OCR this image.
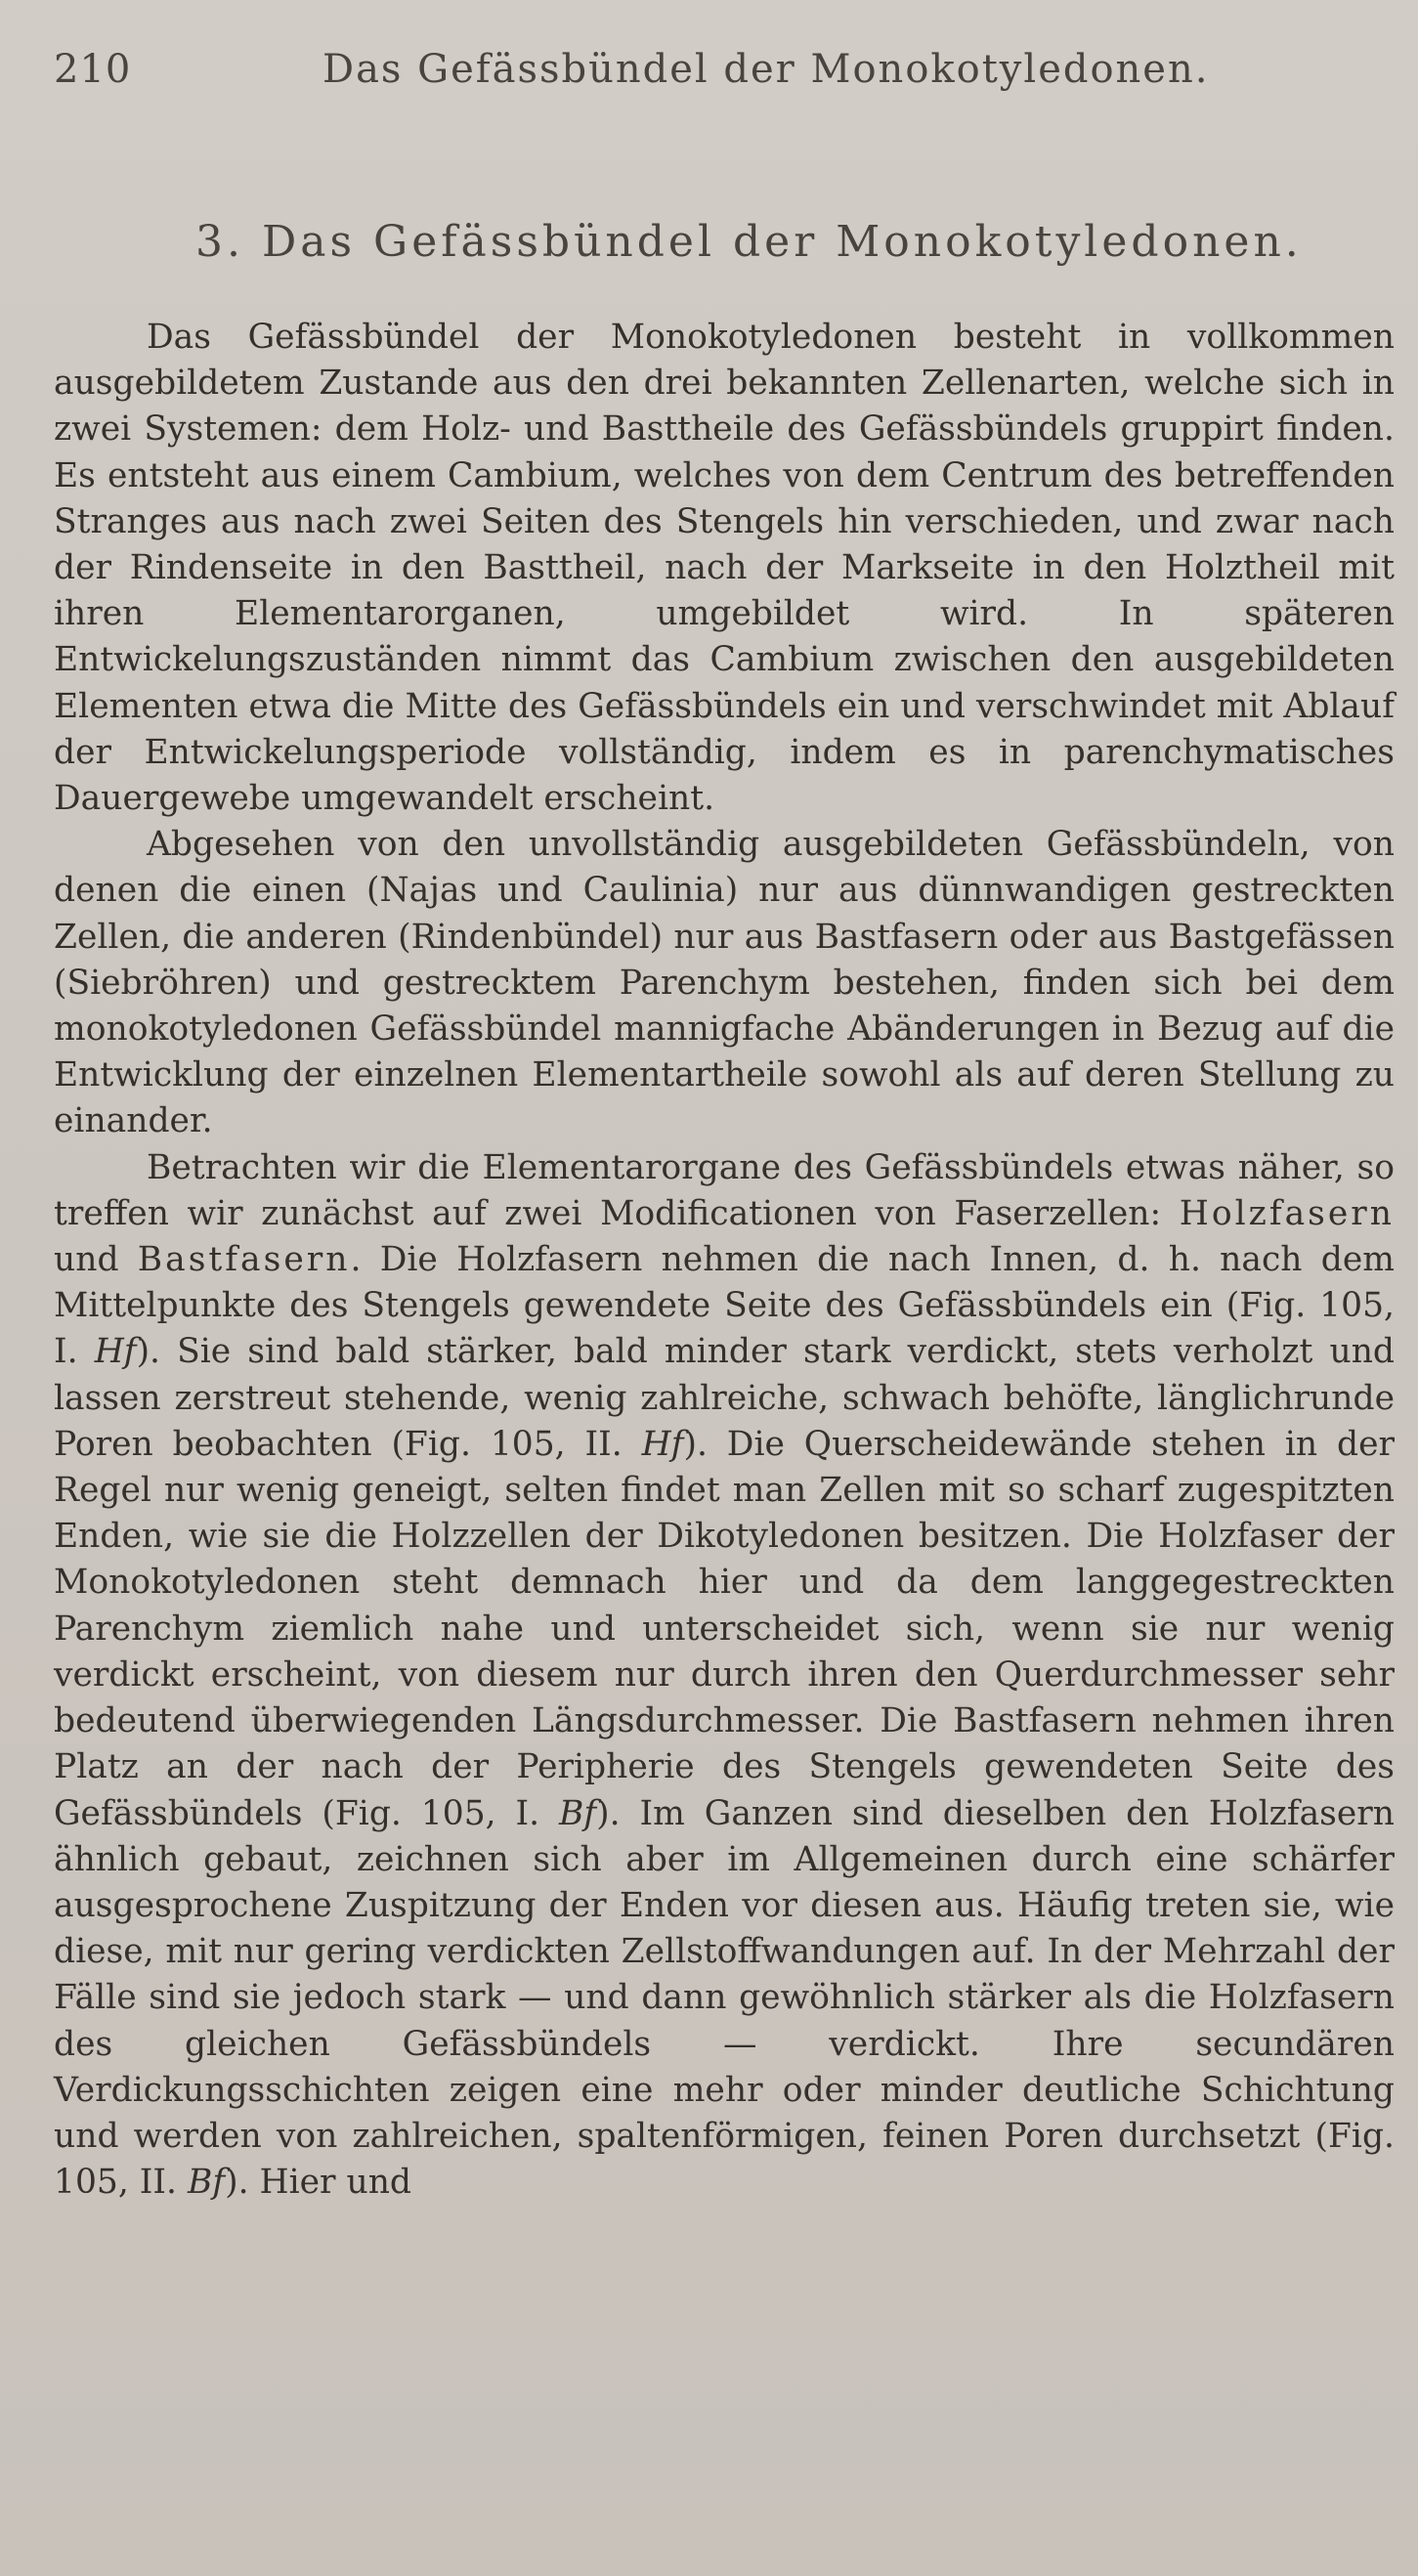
210	Das Gefässbündel der Monokotyledonen.
3. Das Gefässbündel der Monokotyledonen.

Das Gefässbündel der Monokotyledonen besteht in vollkommen ausgebildetem Zustande aus den drei bekannten Zellenarten, welche sich in zwei Systemen: dem Holz- und Basttheile des Gefässbündels gruppirt finden. Es entsteht aus einem Cambium, welches von dem Centrum des betreffenden Stranges aus nach zwei Seiten des Stengels hin verschieden, und zwar nach der Rindenseite in den Basttheil, nach der Markseite in den Holztheil mit ihren Elementarorganen, umgebildet wird. In späteren Entwickelungszuständen nimmt das Cambium zwischen den ausgebildeten Elementen etwa die Mitte des Gefässbündels ein und verschwindet mit Ablauf der Entwickelungsperiode vollständig, indem es in parenchymatisches Dauergewebe umgewandelt erscheint.

Abgesehen von den unvollständig ausgebildeten Gefässbündeln, von denen die einen (Najas und Caulinia) nur aus dünnwandigen gestreckten Zellen, die anderen (Rindenbündel) nur aus Bastfasern oder aus Bastgefässen (Siebröhren) und gestrecktem Parenchym bestehen, finden sich bei dem monokotyledonen Gefässbündel mannigfache Abänderungen in Bezug auf die Entwicklung der einzelnen Elementartheile sowohl als auf deren Stellung zu einander.

Betrachten wir die Elementarorgane des Gefässbündels etwas näher, so treffen wir zunächst auf zwei Modificationen von Faserzellen: Holzfasern und Bastfasern. Die Holzfasern nehmen die nach Innen, d. h. nach dem Mittelpunkte des Stengels gewendete Seite des Gefässbündels ein (Fig. 105, I. Hf). Sie sind bald stärker, bald minder stark verdickt, stets verholzt und lassen zerstreut stehende, wenig zahlreiche, schwach behöfte, länglichrunde Poren beobachten (Fig. 105, II. Hf). Die Querscheidewände stehen in der Regel nur wenig geneigt, selten findet man Zellen mit so scharf zugespitzten Enden, wie sie die Holzzellen der Dikotyledonen besitzen. Die Holzfaser der Monokotyledonen steht demnach hier und da dem langgegestreckten Parenchym ziemlich nahe und unterscheidet sich, wenn sie nur wenig verdickt erscheint, von diesem nur durch ihren den Querdurchmesser sehr bedeutend überwiegenden Längsdurchmesser. Die Bastfasern nehmen ihren Platz an der nach der Peripherie des Stengels gewendeten Seite des Gefässbündels (Fig. 105, I. Bf). Im Ganzen sind dieselben den Holzfasern ähnlich gebaut, zeichnen sich aber im Allgemeinen durch eine schärfer ausgesprochene Zuspitzung der Enden vor diesen aus. Häufig treten sie, wie diese, mit nur gering verdickten Zellstoffwandungen auf. In der Mehrzahl der Fälle sind sie jedoch stark — und dann gewöhnlich stärker als die Holzfasern des gleichen Gefässbündels — verdickt. Ihre secundären Verdickungsschichten zeigen eine mehr oder minder deutliche Schichtung und werden von zahlreichen, spaltenförmigen, feinen Poren durchsetzt (Fig. 105, II. Bf). Hier und
